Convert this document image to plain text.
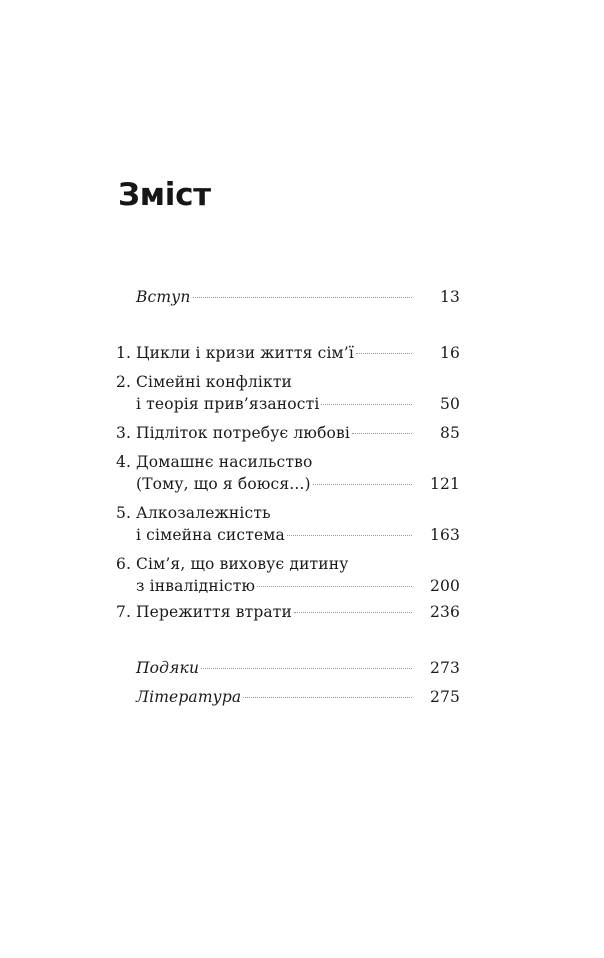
Зміст
Вступ	13
1. Цикли і кризи життя сім’ї	16
2. Сімейні конфлікти
і теорія прив’язаності	50
3. Підліток потребує любові	85
4. Домашнє насильство
(Тому, що я боюся...)	121
5. Алкозалежність
і сімейна система	163
6. Сім’я, що виховує дитину
з інвалідністю	200
7. Пережиття втрати	236
Подяки	273
Література	275
